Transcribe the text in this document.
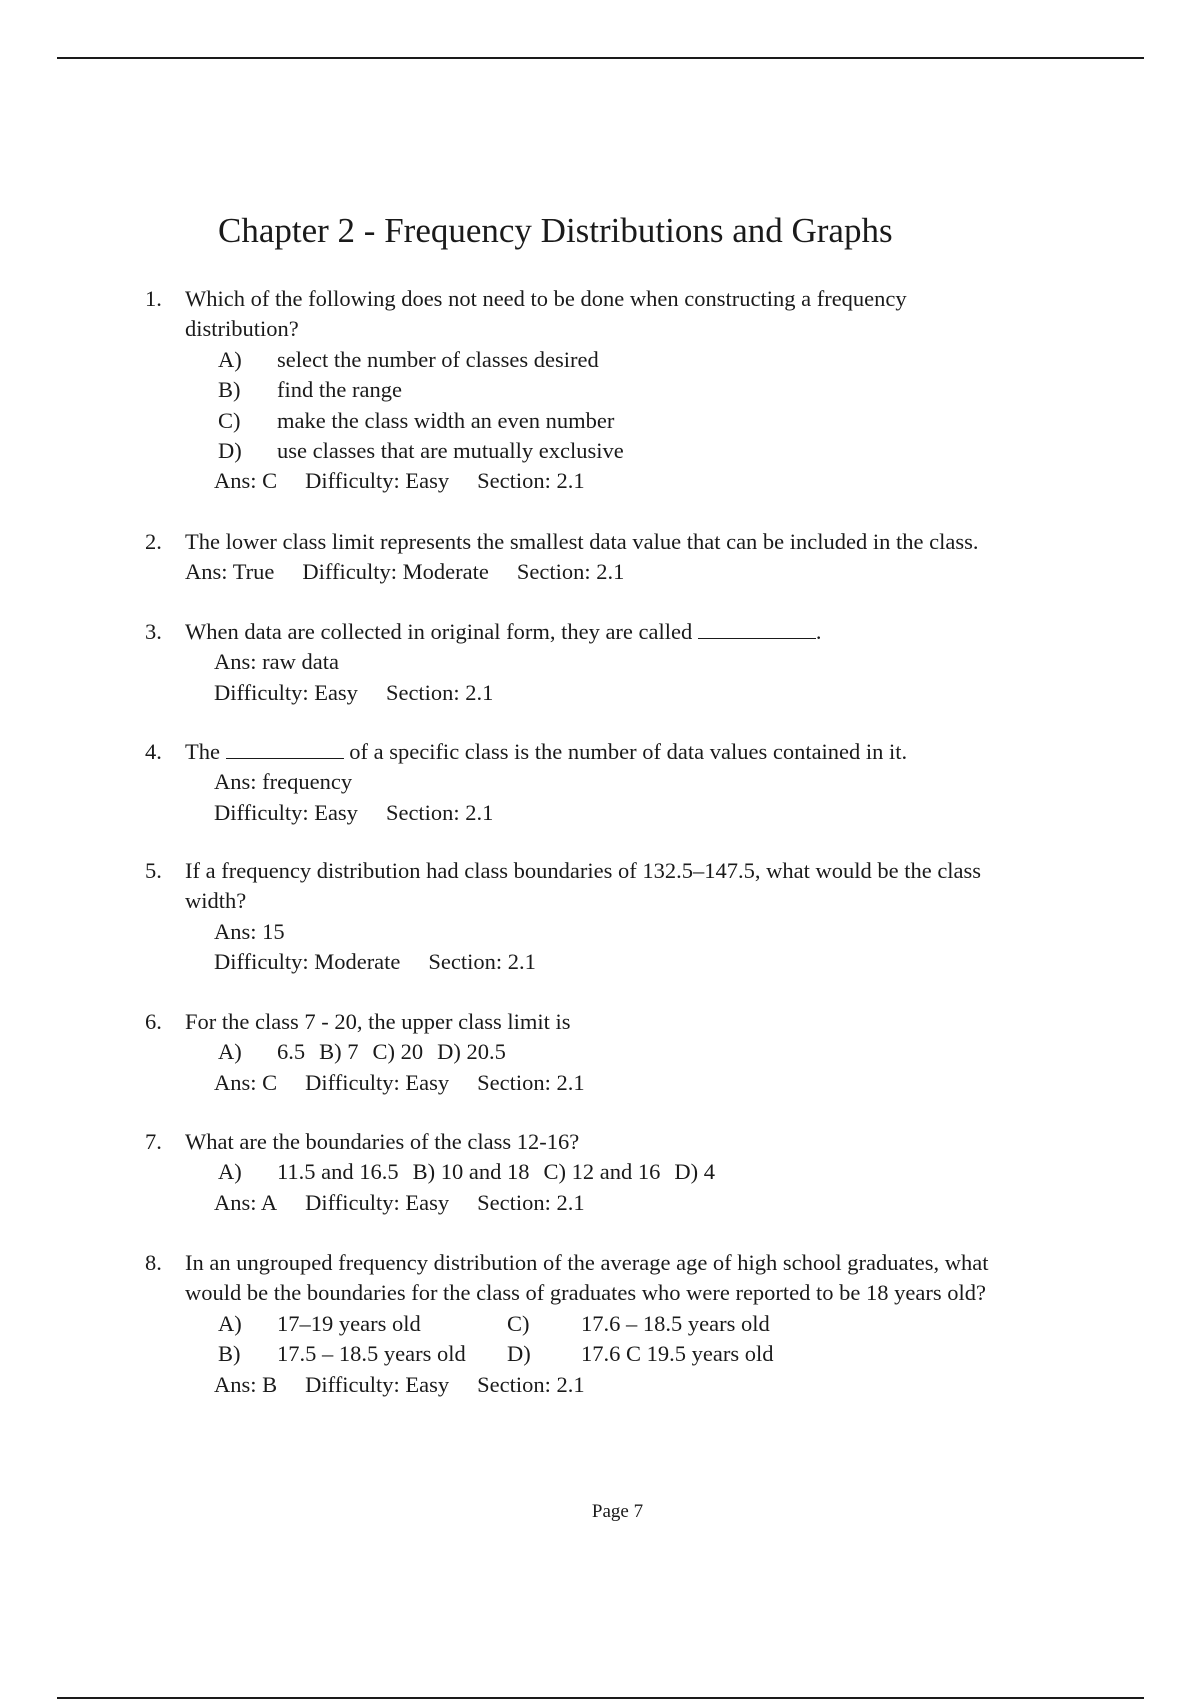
Chapter 2 - Frequency Distributions and Graphs
1. Which of the following does not need to be done when constructing a frequency
distribution?
A) select the number of classes desired
B) find the range
C) make the class width an even number
D) use classes that are mutually exclusive
Ans: C Difficulty: Easy Section: 2.1
2. The lower class limit represents the smallest data value that can be included in the class.
Ans: True Difficulty: Moderate Section: 2.1
3. When data are collected in original form, they are called	.
Ans: raw data
Difficulty: Easy Section: 2.1
4. The	of a specific class is the number of data values contained in it.
Ans: frequency
Difficulty: Easy Section: 2.1
5. If a frequency distribution had class boundaries of 132.5–147.5, what would be the class
width?
Ans: 15
Difficulty: Moderate Section: 2.1
6. For the class 7 - 20, the upper class limit is
A) 6.5 B) 7 C) 20 D) 20.5
Ans: C Difficulty: Easy Section: 2.1
7. What are the boundaries of the class 12-16?
A) 11.5 and 16.5 B) 10 and 18 C) 12 and 16 D) 4
Ans: A Difficulty: Easy Section: 2.1
8. In an ungrouped frequency distribution of the average age of high school graduates, what
would be the boundaries for the class of graduates who were reported to be 18 years old?
A) 17–19 years old	C) 17.6 – 18.5 years old
B) 17.5 – 18.5 years old D) 17.6 C 19.5 years old
Ans: B Difficulty: Easy Section: 2.1
Page 7
